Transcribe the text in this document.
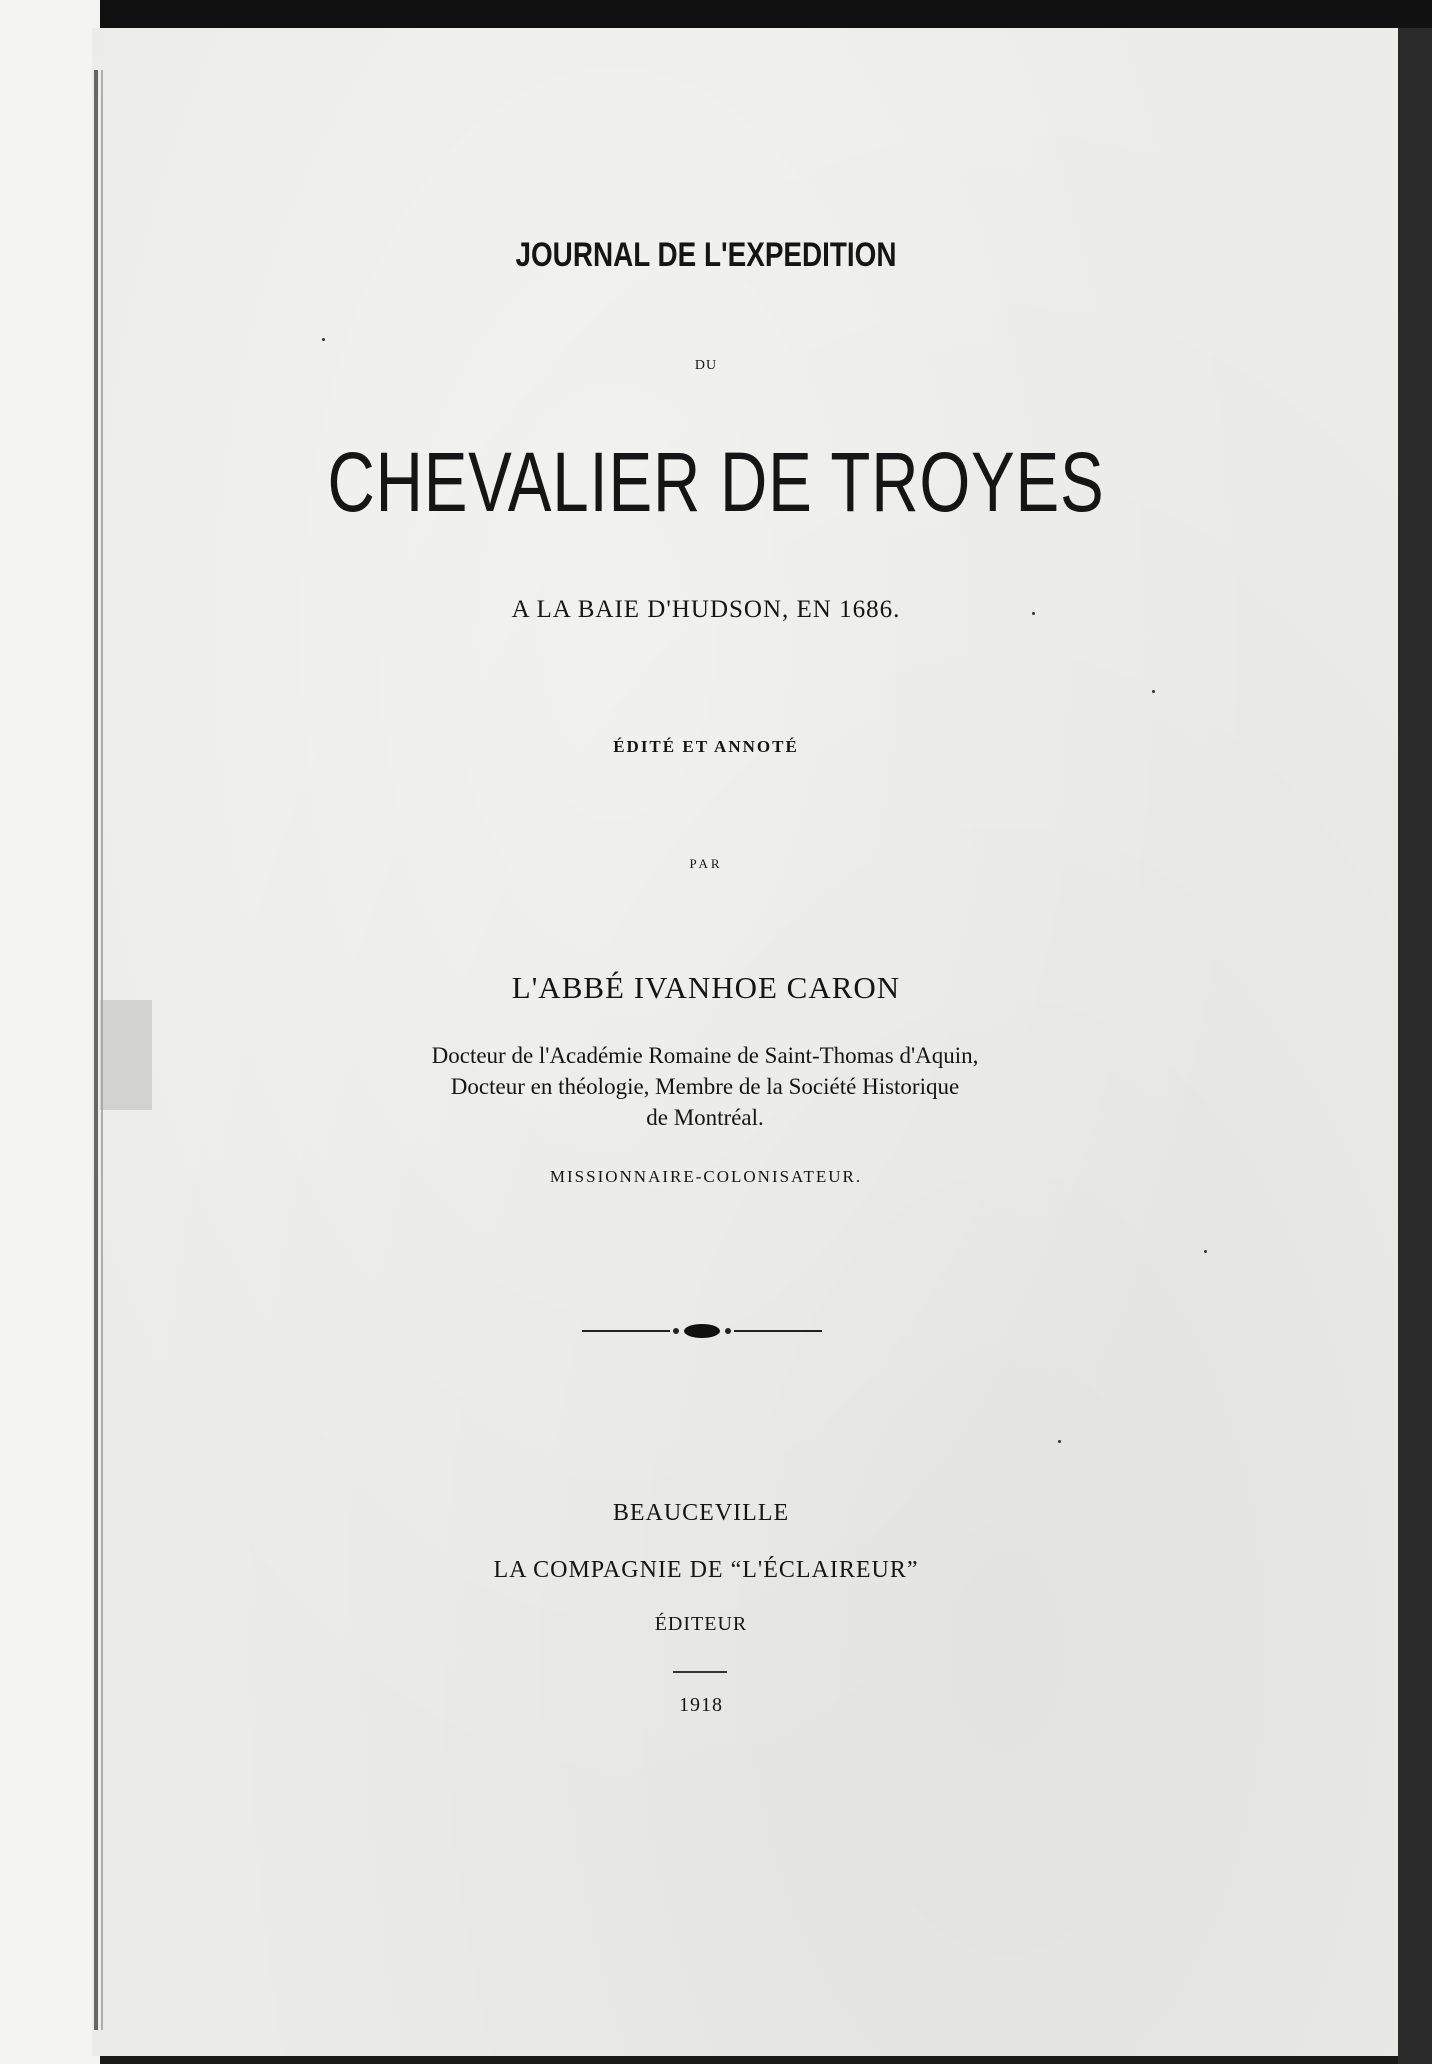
JOURNAL DE L'EXPEDITION
DU
CHEVALIER DE TROYES
A LA BAIE D'HUDSON, EN 1686.
ÉDITÉ ET ANNOTÉ
PAR
L'ABBÉ IVANHOE CARON
Docteur de l'Académie Romaine de Saint-Thomas d'Aquin,
Docteur en théologie, Membre de la Société Historique
de Montréal.
MISSIONNAIRE-COLONISATEUR.
BEAUCEVILLE
LA COMPAGNIE DE “L'ÉCLAIREUR”
ÉDITEUR
1918
